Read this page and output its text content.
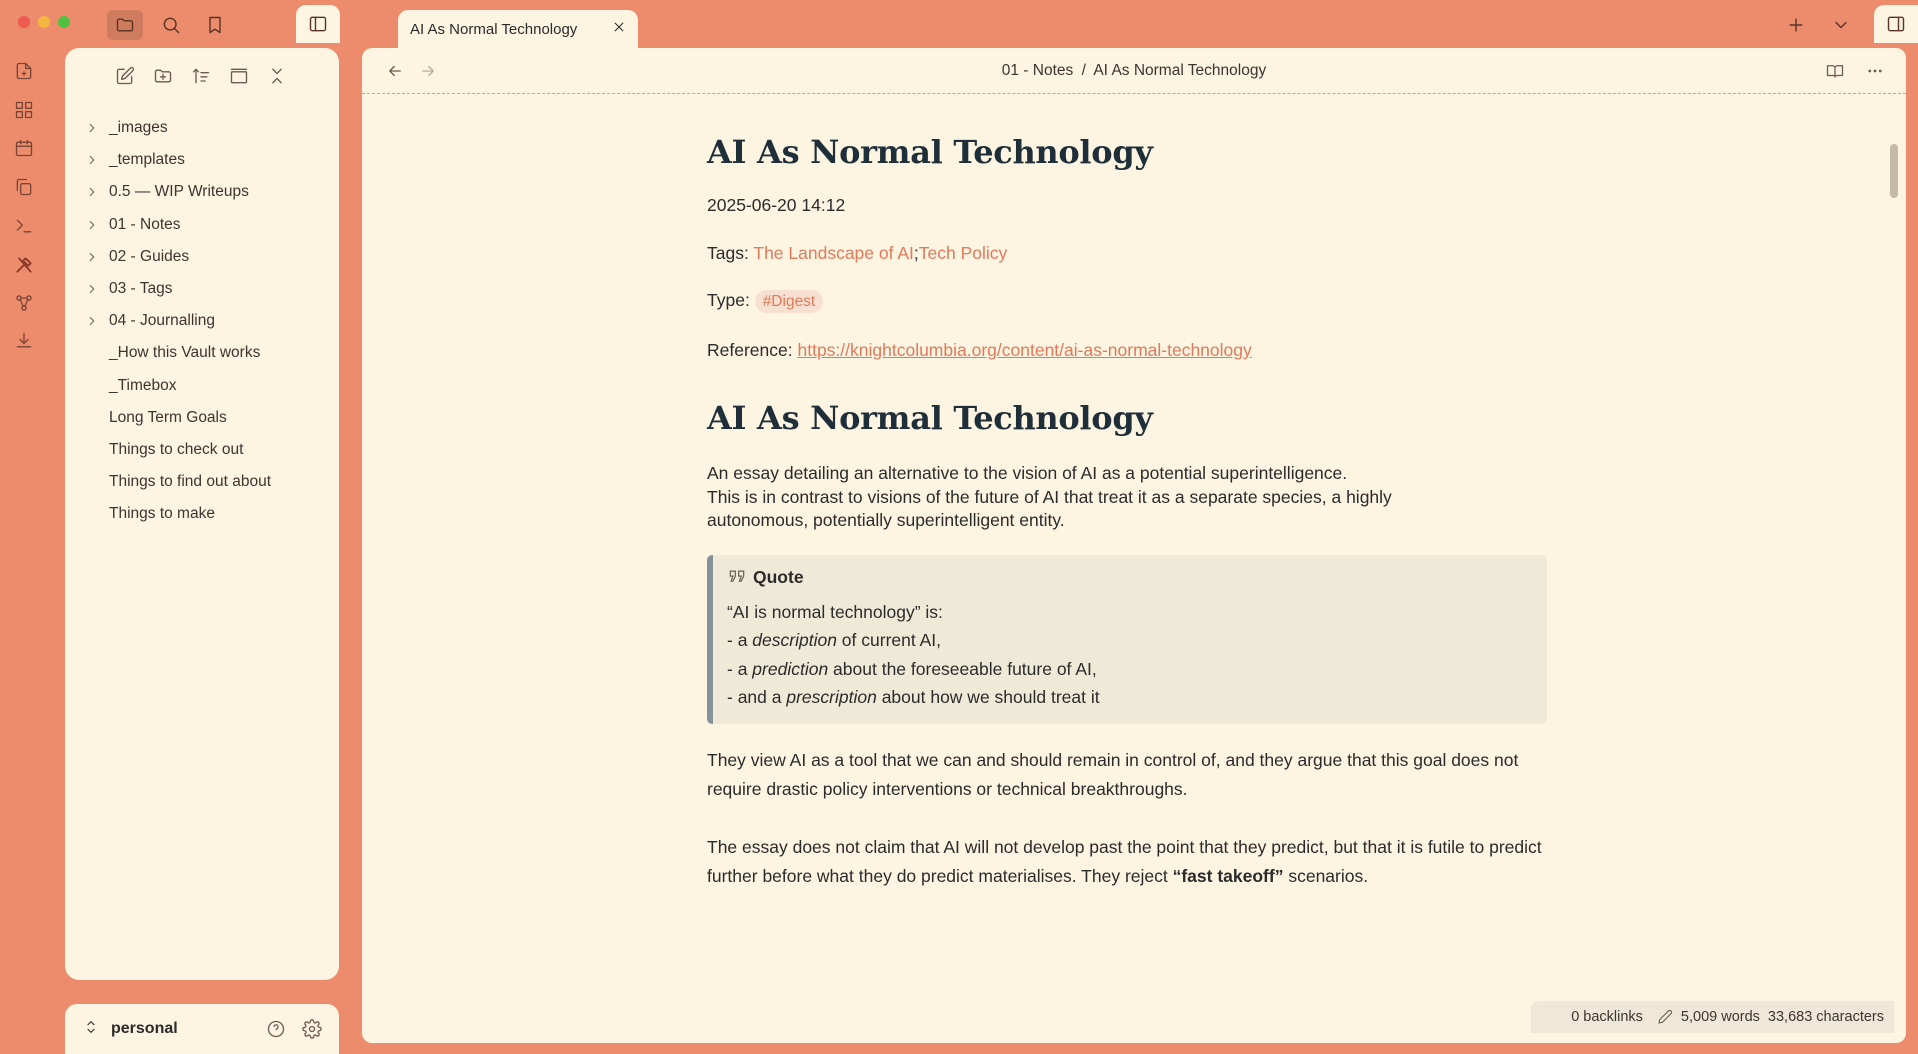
_images
_templates
0.5 — WIP Writeups
01 - Notes
02 - Guides
03 - Tags
04 - Journalling
_How this Vault works
_Timebox
Long Term Goals
Things to check out
Things to find out about
Things to make
personal
AI As Normal Technology
01 - Notes / AI As Normal Technology
AI As Normal Technology
2025-06-20 14:12
Tags: The Landscape of AI;Tech Policy
Type: #Digest
Reference: https://knightcolumbia.org/content/ai-as-normal-technology
AI As Normal Technology
An essay detailing an alternative to the vision of AI as a potential superintelligence.
This is in contrast to visions of the future of AI that treat it as a separate species, a highly autonomous, potentially superintelligent entity.
Quote
“AI is normal technology” is:
- a description of current AI,
- a prediction about the foreseeable future of AI,
- and a prescription about how we should treat it
They view AI as a tool that we can and should remain in control of, and they argue that this goal does not require drastic policy interventions or technical breakthroughs.
The essay does not claim that AI will not develop past the point that they predict, but that it is futile to predict further before what they do predict materialises. They reject “fast takeoff” scenarios.
0 backlinks	5,009 words 33,683 characters
